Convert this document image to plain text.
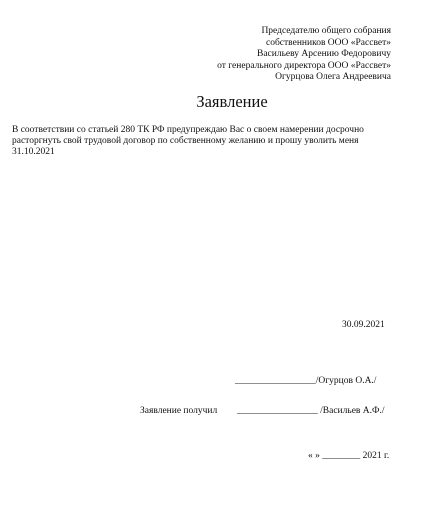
Председателю общего собрания
собственников ООО «Рассвет»
Васильеву Арсению Федоровичу
от генерального директора ООО «Рассвет»
Огурцова Олега Андреевича
Заявление
В соответствии со статьей 280 ТК РФ предупреждаю Вас о своем намерении досрочно
расторгнуть свой трудовой договор по собственному желанию и прошу уволить меня
31.10.2021
30.09.2021
_________________/Огурцов О.А./
Заявление получил _________________ /Васильев А.Ф./
« » ________ 2021 г.
